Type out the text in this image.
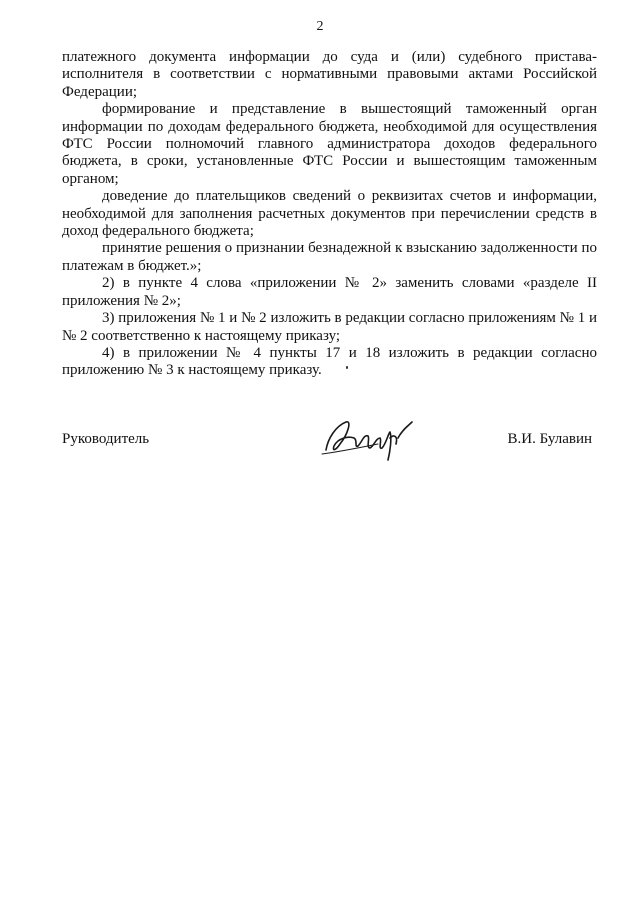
2

платежного документа информации до суда и (или) судебного пристава-исполнителя в соответствии с нормативными правовыми актами Российской Федерации;

формирование и представление в вышестоящий таможенный орган информации по доходам федерального бюджета, необходимой для осуществления ФТС России полномочий главного администратора доходов федерального бюджета, в сроки, установленные ФТС России и вышестоящим таможенным органом;

доведение до плательщиков сведений о реквизитах счетов и информации, необходимой для заполнения расчетных документов при перечислении средств в доход федерального бюджета;

принятие решения о признании безнадежной к взысканию задолженности по платежам в бюджет.»;

2) в пункте 4 слова «приложении № 2» заменить словами «разделе II приложения № 2»;

3) приложения № 1 и № 2 изложить в редакции согласно приложениям № 1 и № 2 соответственно к настоящему приказу;

4) в приложении № 4 пункты 17 и 18 изложить в редакции согласно приложению № 3 к настоящему приказу.

Руководитель	В.И. Булавин
